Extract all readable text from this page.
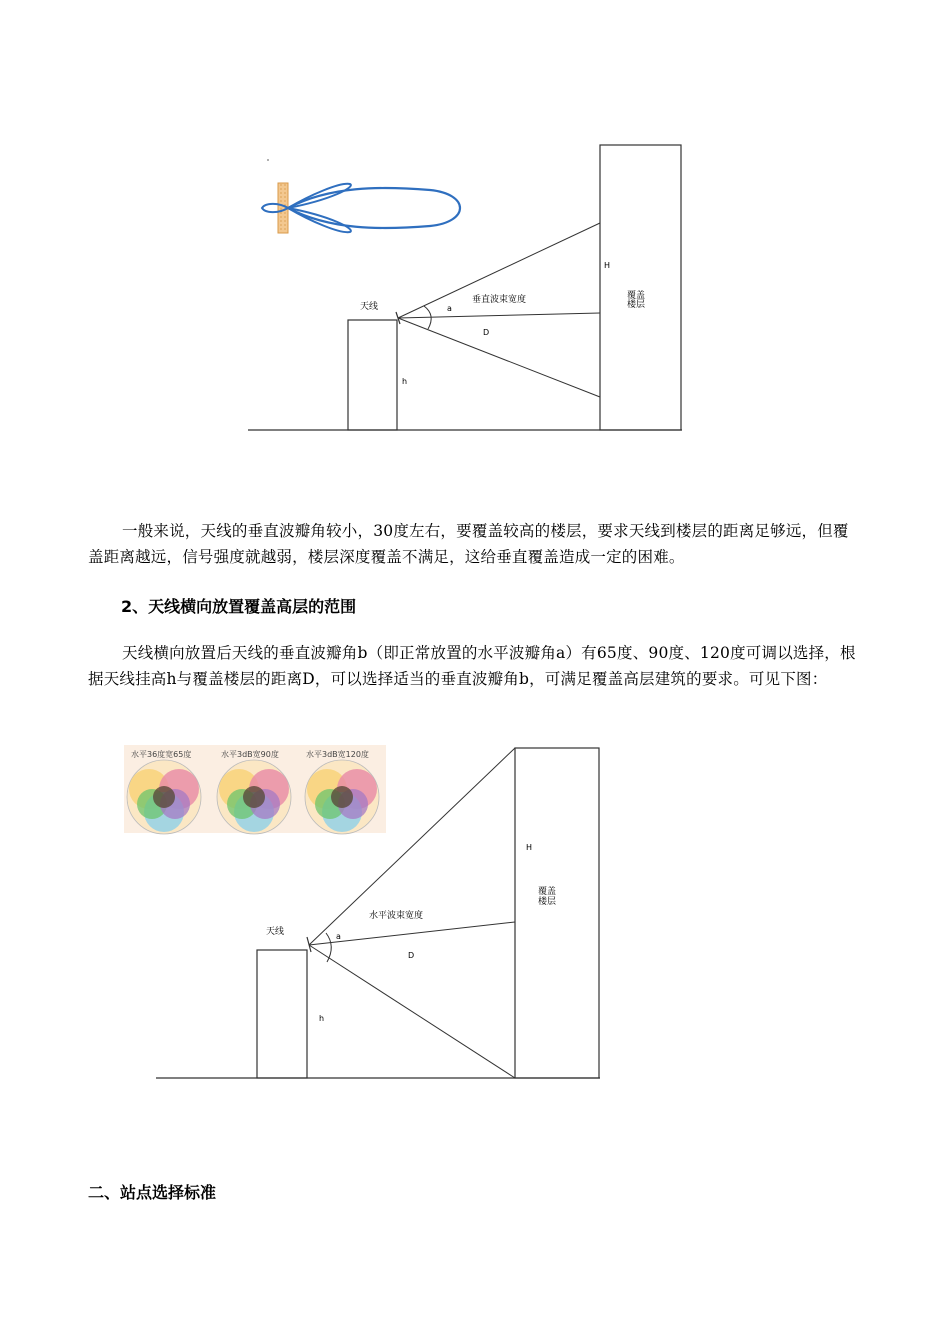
天线	a
垂直波束宽度
D
H
h
覆盖
楼层
一般来说，天线的垂直波瓣角较小，30度左右，要覆盖较高的楼层，要求天线到楼层的距离足够远，但覆盖距离越远，信号强度就越弱，楼层深度覆盖不满足，这给垂直覆盖造成一定的困难。
2、天线横向放置覆盖高层的范围
天线横向放置后天线的垂直波瓣角b（即正常放置的水平波瓣角a）有65度、90度、120度可调以选择，根据天线挂高h与覆盖楼层的距离D，可以选择适当的垂直波瓣角b，可满足覆盖高层建筑的要求。可见下图：
水平36度宽65度	水平3dB宽90度	水平3dB宽120度
天线	a
水平波束宽度
D
H
h
覆盖
楼层
二、站点选择标准
